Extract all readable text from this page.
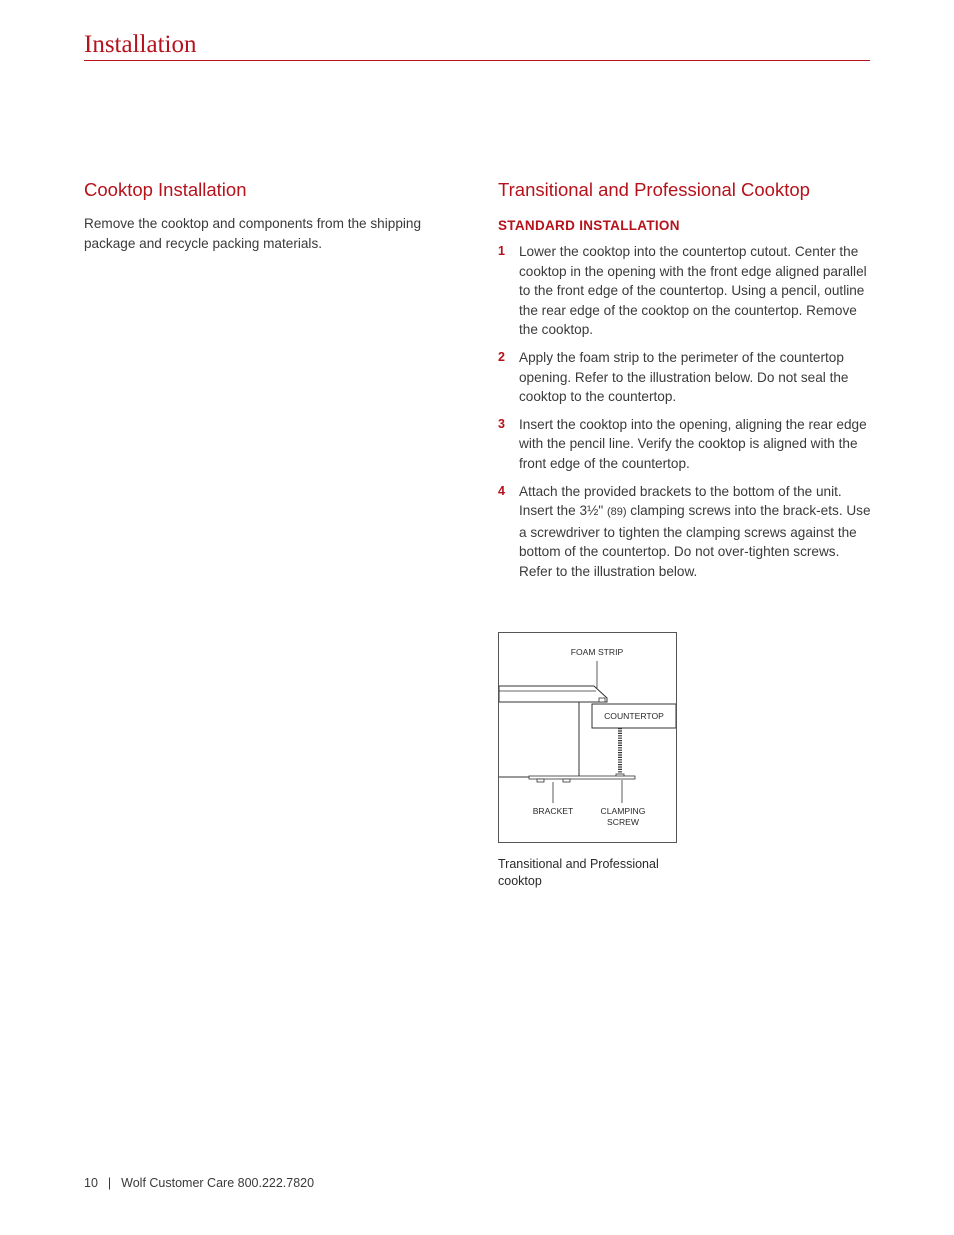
Installation
Cooktop Installation

Remove the cooktop and components from the shipping package and recycle packing materials.

Transitional and Professional Cooktop
STANDARD INSTALLATION
1	Lower the cooktop into the countertop cutout. Center the cooktop in the opening with the front edge aligned parallel to the front edge of the countertop. Using a pencil, outline the rear edge of the cooktop on the countertop. Remove the cooktop.
2	Apply the foam strip to the perimeter of the countertop opening. Refer to the illustration below. Do not seal the cooktop to the countertop.
3	Insert the cooktop into the opening, aligning the rear edge with the pencil line. Verify the cooktop is aligned with the front edge of the countertop.
4	Attach the provided brackets to the bottom of the unit. Insert the 3½" (89) clamping screws into the brack-ets. Use a screwdriver to tighten the clamping screws against the bottom of the countertop. Do not over-tighten screws. Refer to the illustration below.
FOAM STRIP
COUNTERTOP
BRACKET	CLAMPING
SCREW
Transitional and Professional cooktop
10 | Wolf Customer Care 800.222.7820
